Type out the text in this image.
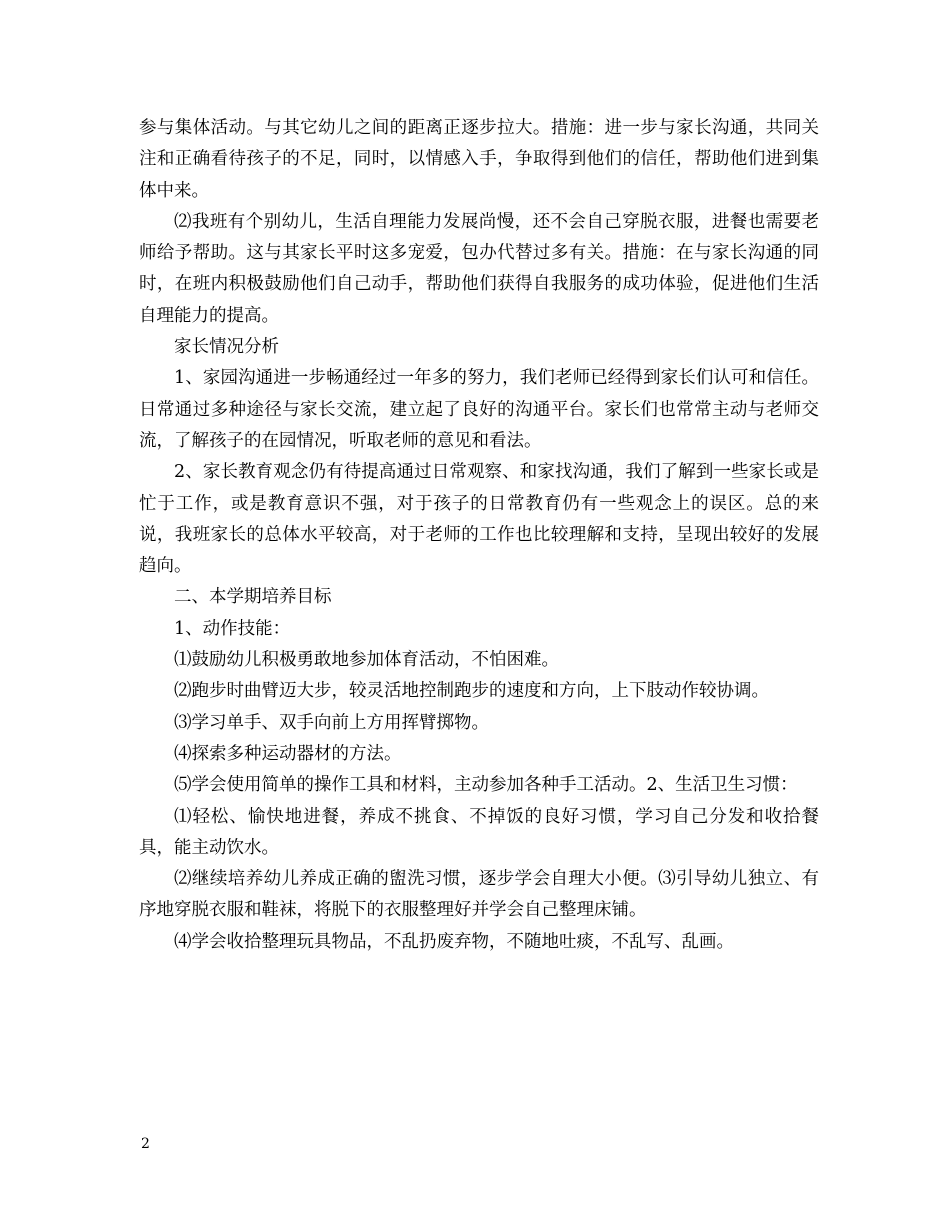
参与集体活动。与其它幼儿之间的距离正逐步拉大。措施：进一步与家长沟通，共同关注和正确看待孩子的不足，同时，以情感入手，争取得到他们的信任，帮助他们进到集体中来。

⑵我班有个别幼儿，生活自理能力发展尚慢，还不会自己穿脱衣服，进餐也需要老师给予帮助。这与其家长平时这多宠爱，包办代替过多有关。措施：在与家长沟通的同时，在班内积极鼓励他们自己动手，帮助他们获得自我服务的成功体验，促进他们生活自理能力的提高。

家长情况分析

1、家园沟通进一步畅通经过一年多的努力，我们老师已经得到家长们认可和信任。日常通过多种途径与家长交流，建立起了良好的沟通平台。家长们也常常主动与老师交流，了解孩子的在园情况，听取老师的意见和看法。

2、家长教育观念仍有待提高通过日常观察、和家找沟通，我们了解到一些家长或是忙于工作，或是教育意识不强，对于孩子的日常教育仍有一些观念上的误区。总的来说，我班家长的总体水平较高，对于老师的工作也比较理解和支持，呈现出较好的发展趋向。

二、本学期培养目标

1、动作技能：

⑴鼓励幼儿积极勇敢地参加体育活动，不怕困难。

⑵跑步时曲臂迈大步，较灵活地控制跑步的速度和方向，上下肢动作较协调。

⑶学习单手、双手向前上方用挥臂掷物。

⑷探索多种运动器材的方法。

⑸学会使用简单的操作工具和材料，主动参加各种手工活动。2、生活卫生习惯：

⑴轻松、愉快地进餐，养成不挑食、不掉饭的良好习惯，学习自己分发和收拾餐具，能主动饮水。

⑵继续培养幼儿养成正确的盥洗习惯，逐步学会自理大小便。⑶引导幼儿独立、有序地穿脱衣服和鞋袜，将脱下的衣服整理好并学会自己整理床铺。

⑷学会收拾整理玩具物品，不乱扔废弃物，不随地吐痰，不乱写、乱画。

2
